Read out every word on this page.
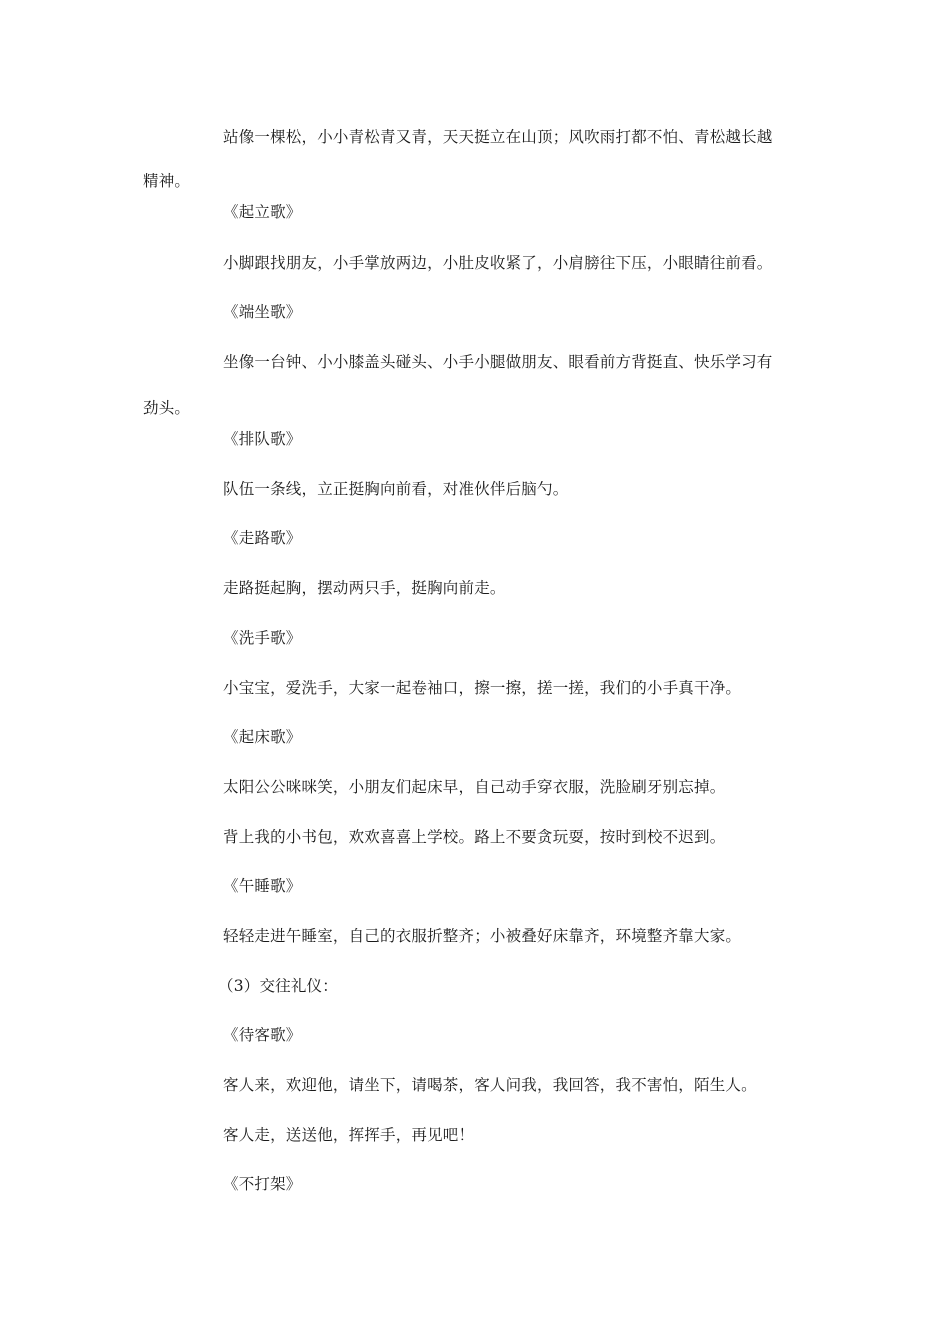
站像一棵松，小小青松青又青，天天挺立在山顶；风吹雨打都不怕、青松越长越
精神。
《起立歌》
小脚跟找朋友，小手掌放两边，小肚皮收紧了，小肩膀往下压，小眼睛往前看。
《端坐歌》
坐像一台钟、小小膝盖头碰头、小手小腿做朋友、眼看前方背挺直、快乐学习有
劲头。
《排队歌》
队伍一条线，立正挺胸向前看，对准伙伴后脑勺。
《走路歌》
走路挺起胸，摆动两只手，挺胸向前走。
《洗手歌》
小宝宝，爱洗手，大家一起卷袖口，擦一擦，搓一搓，我们的小手真干净。
《起床歌》
太阳公公咪咪笑，小朋友们起床早，自己动手穿衣服，洗脸刷牙别忘掉。
背上我的小书包，欢欢喜喜上学校。路上不要贪玩耍，按时到校不迟到。
《午睡歌》
轻轻走进午睡室，自己的衣服折整齐；小被叠好床靠齐，环境整齐靠大家。
（3）交往礼仪：
《待客歌》
客人来，欢迎他，请坐下，请喝茶，客人问我，我回答，我不害怕，陌生人。
客人走，送送他，挥挥手，再见吧！
《不打架》
